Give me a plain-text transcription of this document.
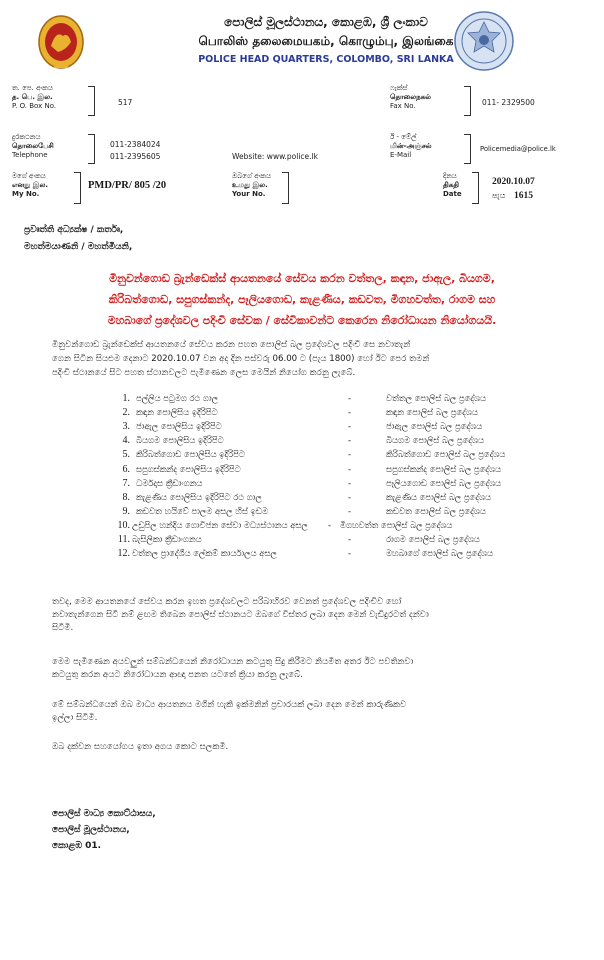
පොලිස් මූලස්ථානය, කොළඹ, ශ්‍රී ලංකාව
பொலிஸ் தலைமையகம், கொழும்பு, இலங்கை
POLICE HEAD QUARTERS, COLOMBO, SRI LANKA
ත. පෙ. අංකය
த. பெ. இல.
P. O. Box No.	517
ෆැක්ස්
தொலைநகல்
Fax No.	011- 2329500
දුරකථනය
தொலைபேசி
Telephone
011-2384024
011-2395605	Website: www.police.lk
ඊ - මේල්
மின்-அஞ்சல்
E-Mail
Policemedia@police.lk
මගේ අංකය
எனது இல.
My No.
PMD/PR/ 805 /20
ඔබගේ අංකය
உமது இல.
Your No.
දිනය
திகதி
Date
2020.10.07
පැය 1615
ප්‍රවෘත්ති අධ්‍යක්ෂ / කර්තෘ,
මහත්මයාණනි / මහත්මියනි,
මිනුවන්ගොඩ බ්‍රැන්ඩෙක්ස් ආයතනයේ සේවය කරන වත්තල, කඳාන, ජාඇල, බියගම,
කිරිබත්ගොඩ, සපුගස්කන්ද, පෑලියගොඩ, කැළණිය, කඩවත, මීගහවත්ත, රාගම සහ
මහබාගේ ප්‍රදේශවල පදිංචි සේවක / සේවිකාවන්ට කෙරෙන නිරෝධායන නියෝගයයි.
මිනුවන්ගොඩ බ්‍රැන්ඩෙක්ස් ආයතනයේ සේවය කරන පහත පොලිස් බල ප්‍රදේශවල පදිංචි සෙ නවාතැන්
ගෙන සිටින සියළුම දෙනාට 2020.10.07 වන අද දින පස්වරු 06.00 ට (පැය 1800) හෝ ඊට පෙර තමන්
පදිංචි ස්ථානයේ සිට පහත ස්ථානවලට පැමිණෙන ලෙස මෙයින් නියෝග කරනු ලැබේ.
1. පල්ලිය පටුමග රථ ගාල	-	වත්තල පොලිස් බල ප්‍රදේශය
2. කඳාන පොලිසිය ඉදිරිපිට	-	කඳාන පොලිස් බල ප්‍රදේශය
3. ජාඇල පොලිසිය ඉදිරිපිට	-	ජාඇල පොලිස් බල ප්‍රදේශය
4. බියගම පොලිසිය ඉදිරිපිට	-	බියගම පොලිස් බල ප්‍රදේශය
5. කිරිබත්ගොඩ පොලිසිය ඉදිරිපිට	-	කිරිබත්ගොඩ පොලිස් බල ප්‍රදේශය
6. සපුගස්කන්ද පොලිසිය ඉදිරිපිට	-	සපුගස්කන්ද පොලිස් බල ප්‍රදේශය
7. ධර්මදාස ක්‍රීඩාංගනය	-	පෑලියගොඩ පොලිස් බල ප්‍රදේශය
8. කැළණිය පොලිසිය ඉදිරිපිට රථ ගාල	-	කැළණිය පොලිස් බල ප්‍රදේශය
9. කඩවත හයිවේ පාලම අසල හිස් ඉඩම	-	කඩවත පොලිස් බල ප්‍රදේශය
10. උඩුපිල හන්දිය ගොවිජන සේවා මධ්‍යස්ථානය අසල - මීගහවත්ත පොලිස් බල ප්‍රදේශය
11. බැසිලිකා ක්‍රීඩාංගනය	-	රාගම පොලිස් බල ප්‍රදේශය
12. වත්තල ප්‍රාදේශීය ලේකම් කාර්යාලය අසල	-	මහබාගේ පොලිස් බල ප්‍රදේශය
තවද, මෙම ආයතනයේ සේවය කරන ඉහත ප්‍රදේශවලට පරිබාහිරව වෙනත් ප්‍රදේශවල පදිංචිව හෝ
නවාතැන්ගෙන සිටී නම් ළඟම තිබෙන පොලිස් ස්ථානයට ඔබගේ විස්තර ලබා දෙන මෙන් වැඩිදුරටත් දන්වා
සිටිමි.
මෙම පැමිණෙන අයවලුන් සම්බන්ධයෙන් නිරෝධායන කටයුතු සිදු කිරීමට නියමිත අතර ඊට පවතිනවා
කටයුතු කරන අයට නිරෝධායන ආඥා පනත යටතේ ක්‍රියා කරනු ලැබේ.
මේ සම්බන්ධයෙන් ඔබ මාධ්‍ය ආයතනය මගින් හැකි ඉක්මනින් ප්‍රචාරයක් ලබා දෙන මෙන් කාරුණිකව
ඉල්ලා සිටිමි.
ඔබ දක්වන සහයෝගය ඉතා අගය කොට සලකමි.
පොලිස් මාධ්‍ය කොට්ඨාසය,
පොලිස් මූලස්ථානය,
කොළඹ 01.
